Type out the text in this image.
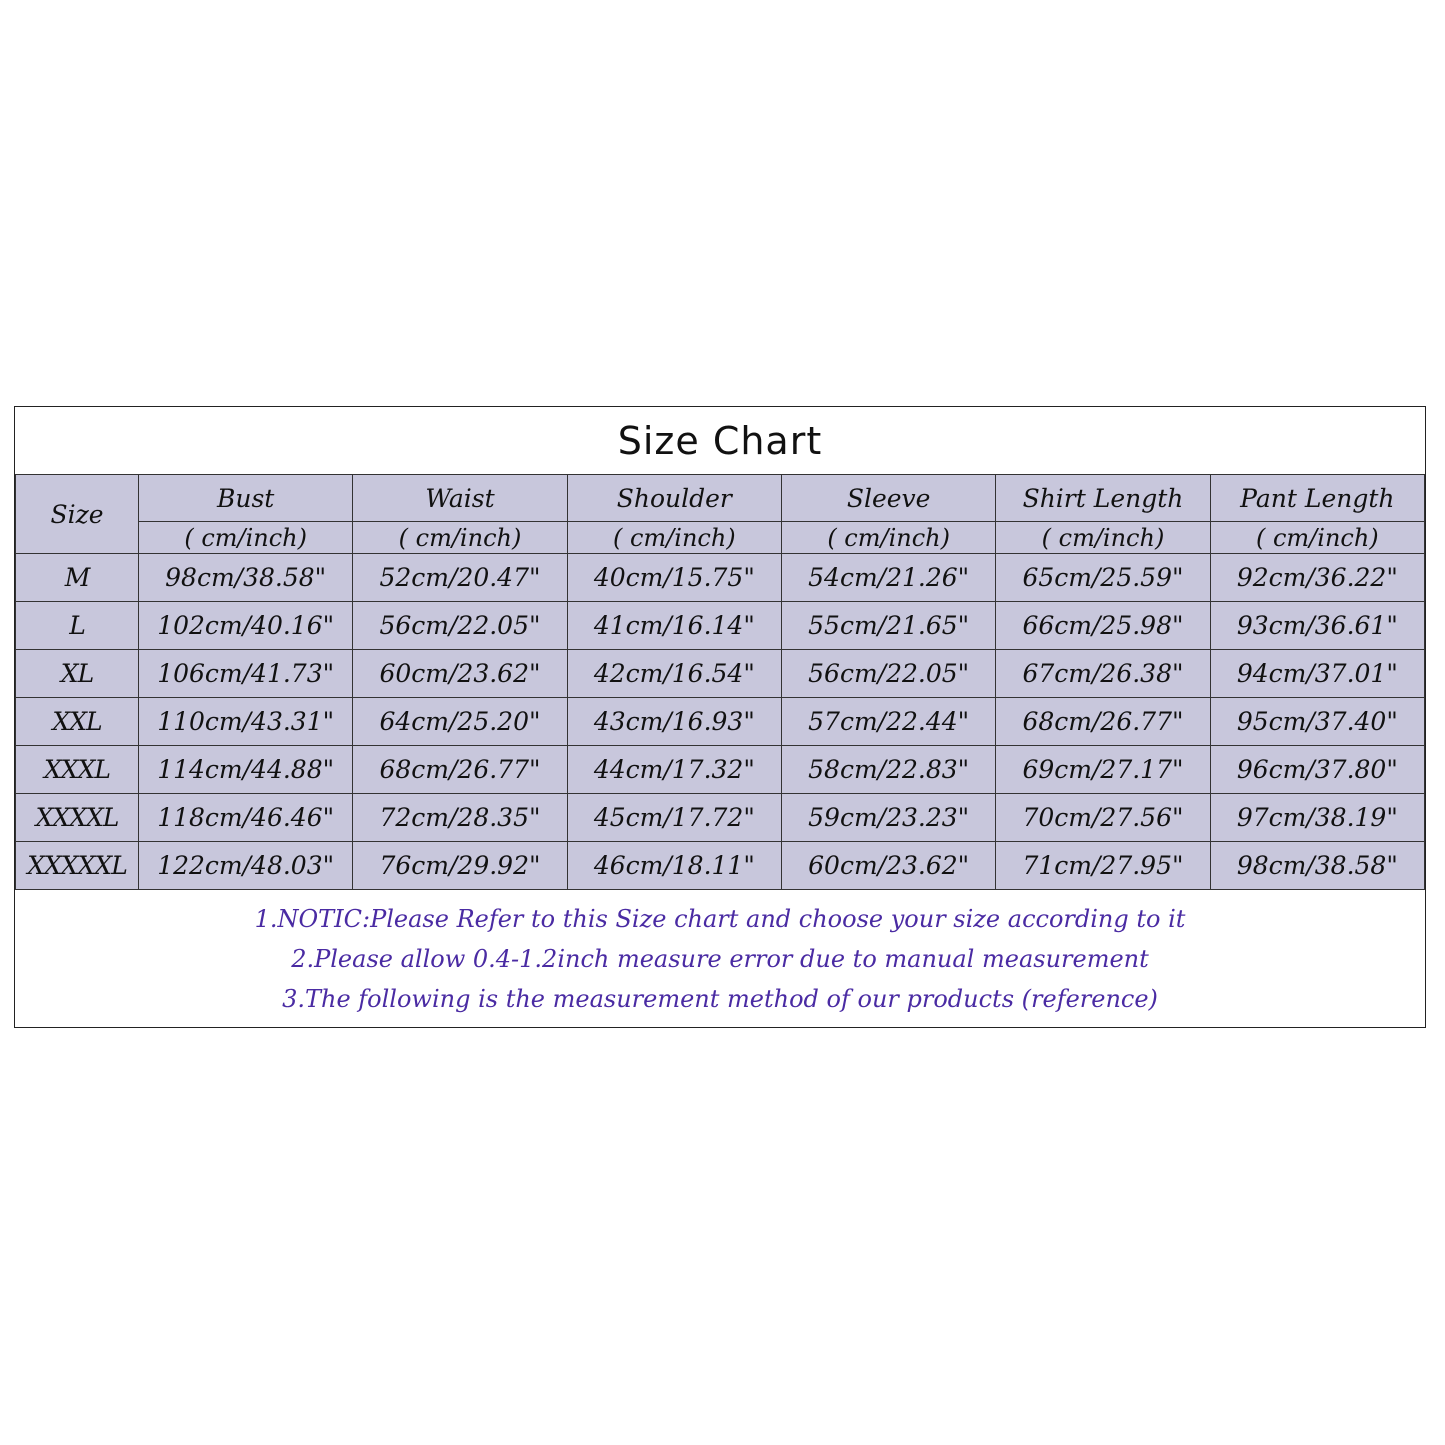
Size Chart
Size	Bust	Waist	Shoulder	Sleeve	Shirt Length	Pant Length
	( cm/inch)	( cm/inch)	( cm/inch)	( cm/inch)	( cm/inch)	( cm/inch)
M	98cm/38.58"	52cm/20.47"	40cm/15.75"	54cm/21.26"	65cm/25.59"	92cm/36.22"
L	102cm/40.16"	56cm/22.05"	41cm/16.14"	55cm/21.65"	66cm/25.98"	93cm/36.61"
XL	106cm/41.73"	60cm/23.62"	42cm/16.54"	56cm/22.05"	67cm/26.38"	94cm/37.01"
XXL	110cm/43.31"	64cm/25.20"	43cm/16.93"	57cm/22.44"	68cm/26.77"	95cm/37.40"
XXXL	114cm/44.88"	68cm/26.77"	44cm/17.32"	58cm/22.83"	69cm/27.17"	96cm/37.80"
XXXXL	118cm/46.46"	72cm/28.35"	45cm/17.72"	59cm/23.23"	70cm/27.56"	97cm/38.19"
XXXXXL	122cm/48.03"	76cm/29.92"	46cm/18.11"	60cm/23.62"	71cm/27.95"	98cm/38.58"
1.NOTIC:Please Refer to this Size chart and choose your size according to it
2.Please allow 0.4-1.2inch measure error due to manual measurement
3.The following is the measurement method of our products (reference)
